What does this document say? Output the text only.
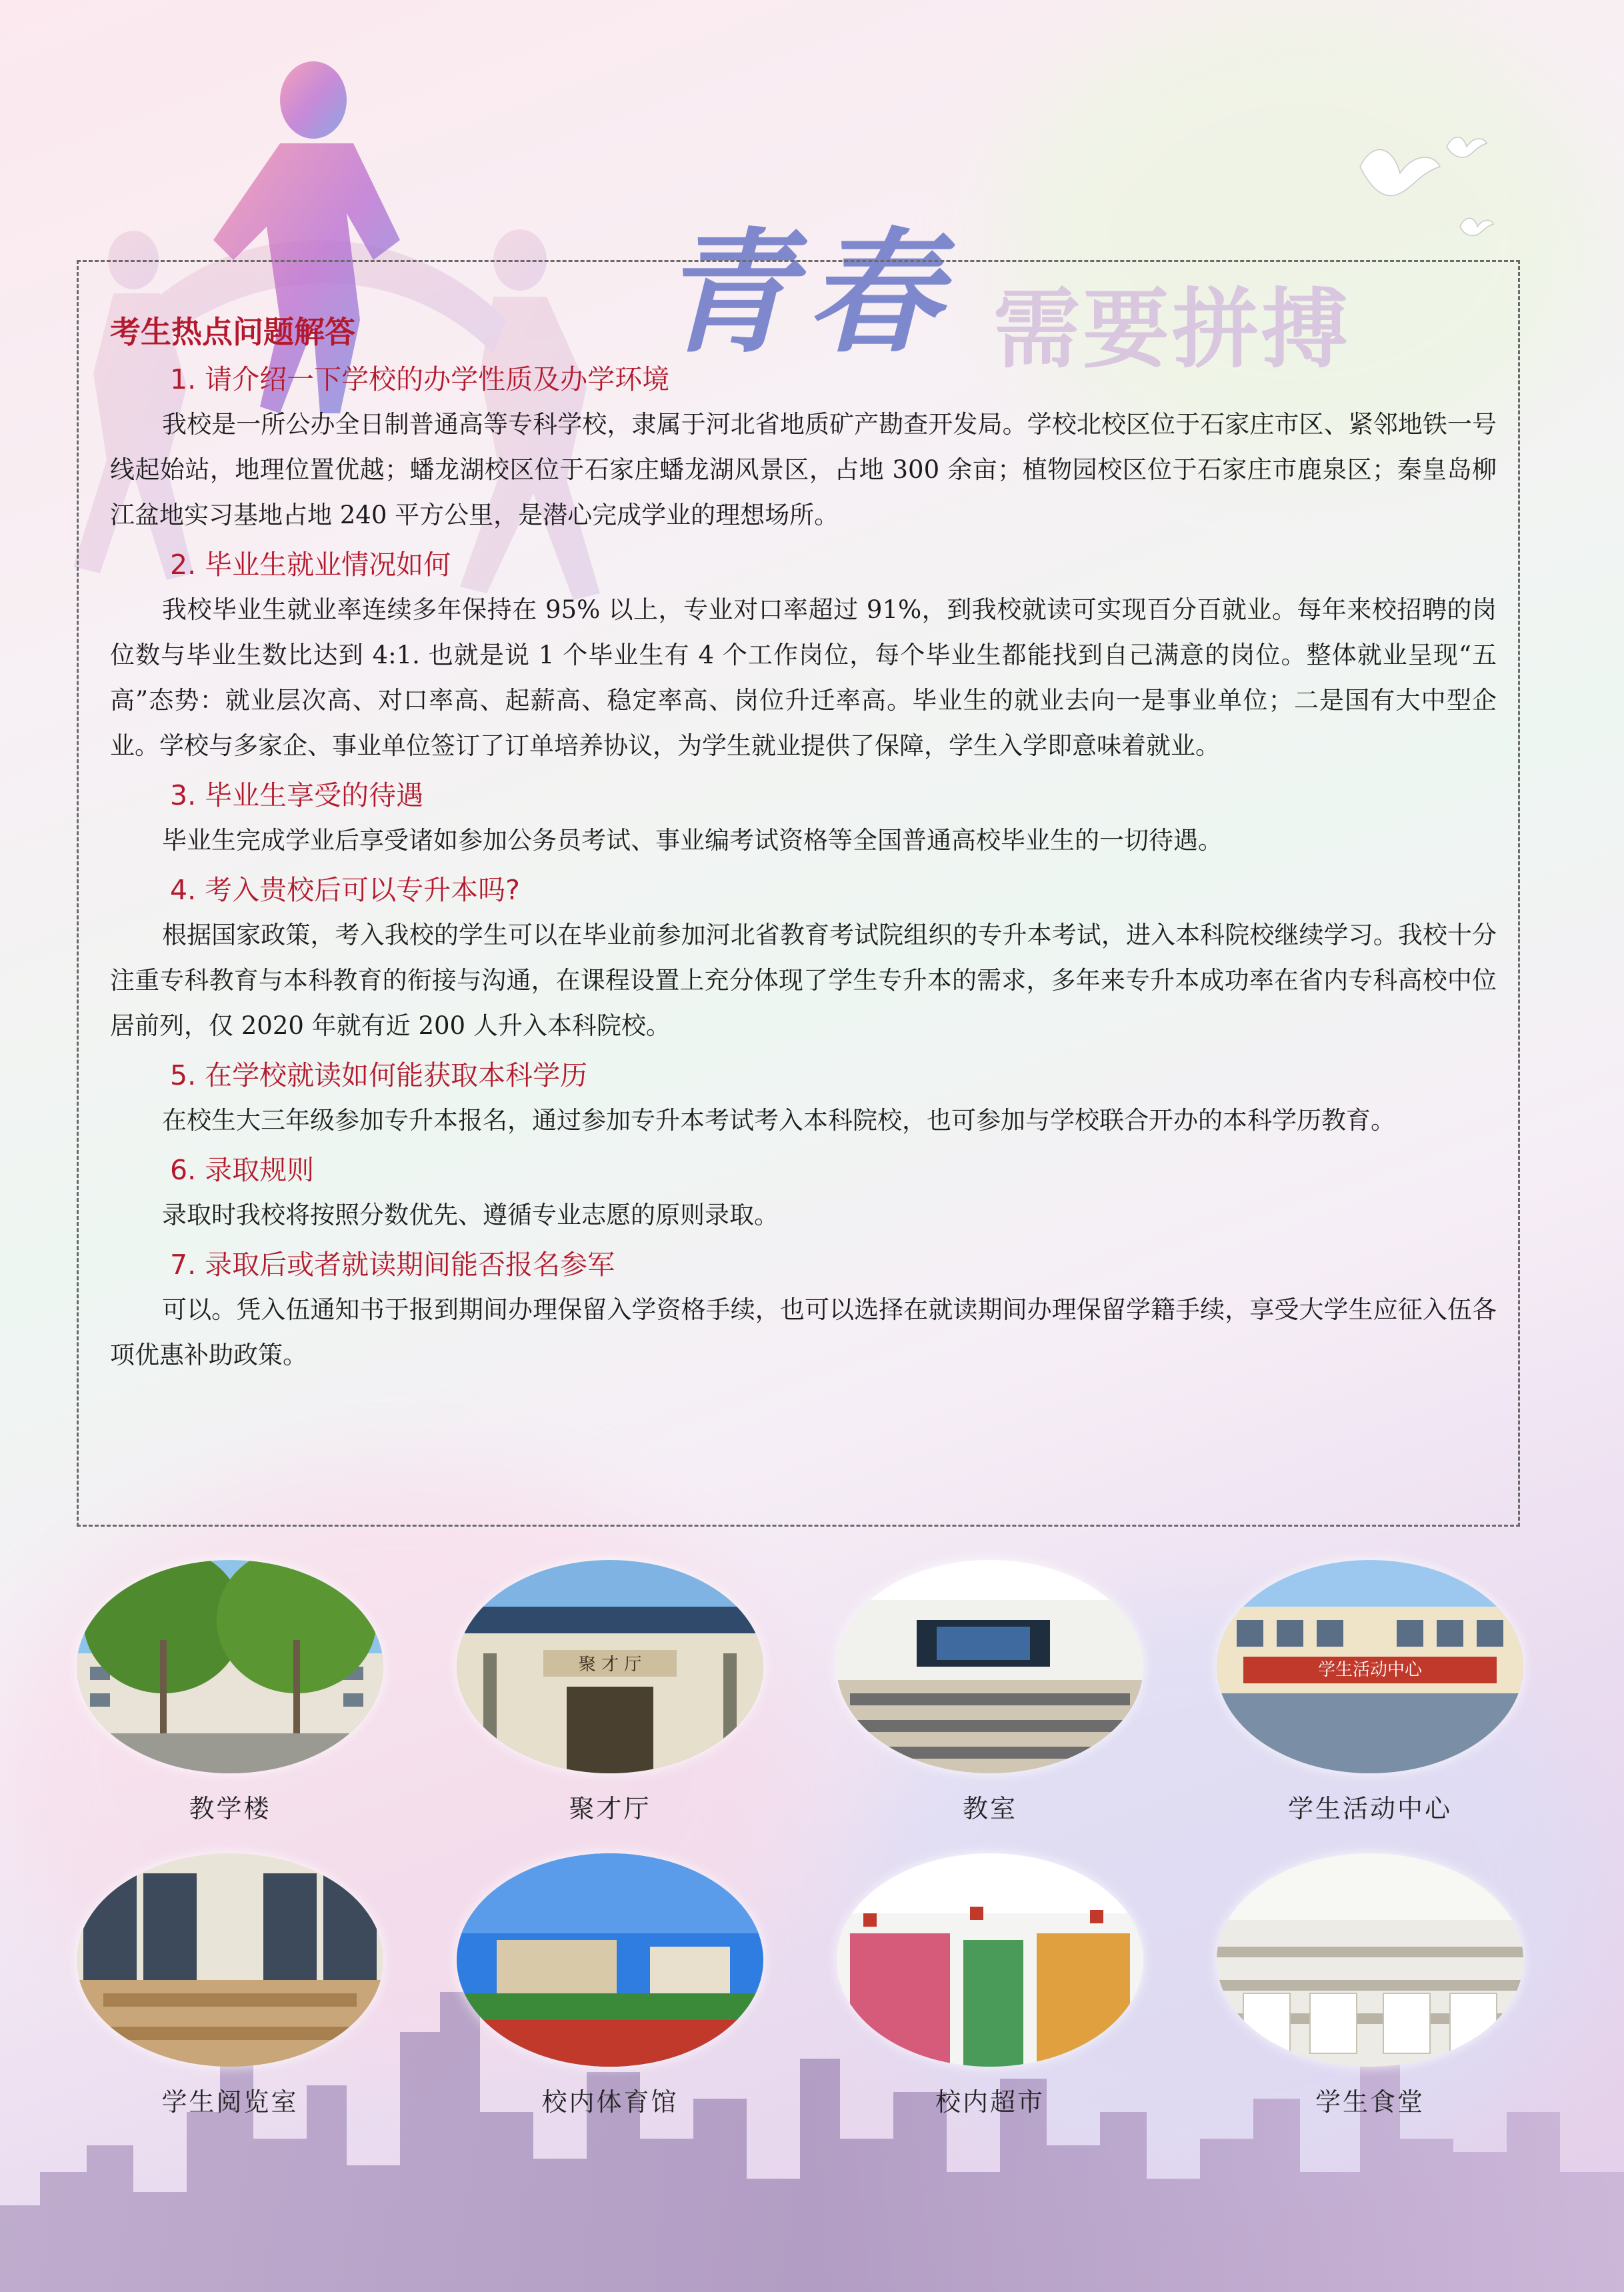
青春 需要拼搏
考生热点问题解答
1. 请介绍一下学校的办学性质及办学环境

我校是一所公办全日制普通高等专科学校，隶属于河北省地质矿产勘查开发局。学校北校区位于石家庄市区、紧邻地铁一号线起始站，地理位置优越；蟠龙湖校区位于石家庄蟠龙湖风景区，占地 300 余亩；植物园校区位于石家庄市鹿泉区；秦皇岛柳江盆地实习基地占地 240 平方公里，是潜心完成学业的理想场所。

2. 毕业生就业情况如何

我校毕业生就业率连续多年保持在 95% 以上，专业对口率超过 91%，到我校就读可实现百分百就业。每年来校招聘的岗位数与毕业生数比达到 4:1. 也就是说 1 个毕业生有 4 个工作岗位，每个毕业生都能找到自己满意的岗位。整体就业呈现“五高”态势：就业层次高、对口率高、起薪高、稳定率高、岗位升迁率高。毕业生的就业去向一是事业单位；二是国有大中型企业。学校与多家企、事业单位签订了订单培养协议，为学生就业提供了保障，学生入学即意味着就业。

3. 毕业生享受的待遇

毕业生完成学业后享受诸如参加公务员考试、事业编考试资格等全国普通高校毕业生的一切待遇。

4. 考入贵校后可以专升本吗?

根据国家政策，考入我校的学生可以在毕业前参加河北省教育考试院组织的专升本考试，进入本科院校继续学习。我校十分注重专科教育与本科教育的衔接与沟通，在课程设置上充分体现了学生专升本的需求，多年来专升本成功率在省内专科高校中位居前列，仅 2020 年就有近 200 人升入本科院校。

5. 在学校就读如何能获取本科学历

在校生大三年级参加专升本报名，通过参加专升本考试考入本科院校，也可参加与学校联合开办的本科学历教育。

6. 录取规则

录取时我校将按照分数优先、遵循专业志愿的原则录取。

7. 录取后或者就读期间能否报名参军

可以。凭入伍通知书于报到期间办理保留入学资格手续，也可以选择在就读期间办理保留学籍手续，享受大学生应征入伍各项优惠补助政策。

教学楼
聚 才 厅
聚才厅	教室
学生活动中心
学生活动中心
学生阅览室	校内体育馆	校内超市	学生食堂
